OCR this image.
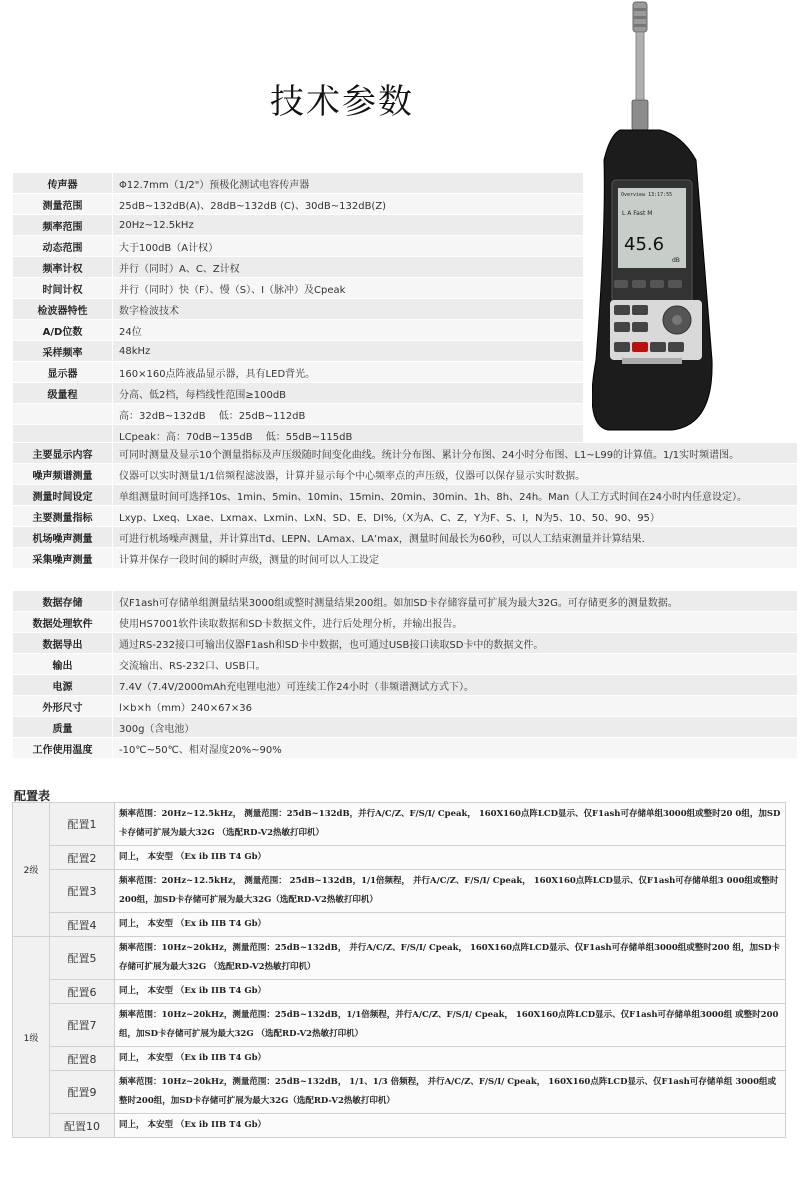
技术参数
Overview 13:17:55
L A Fast M
45.6
dB
传声器	Φ12.7mm（1/2"）预极化测试电容传声器
测量范围	25dB~132dB(A)、28dB~132dB (C)、30dB~132dB(Z)
频率范围	20Hz~12.5kHz
动态范围	大于100dB（A计权）
频率计权	并行（同时）A、C、Z计权
时间计权	并行（同时）快（F）、慢（S）、I（脉冲）及Cpeak
检波器特性	数字检波技术
A/D位数	24位
采样频率	48kHz
显示器	160×160点阵液晶显示器，具有LED背光。
级量程	分高、低2档，每档线性范围≥100dB
	高：32dB~132dB　 低：25dB~112dB
	LCpeak：高：70dB~135dB　 低：55dB~115dB
主要显示内容	可同时测量及显示10个测量指标及声压级随时间变化曲线。统计分布图、累计分布图、24小时分布图、L1~L99的计算值。1/1实时频谱图。
噪声频谱测量	仪器可以实时测量1/1倍频程滤波器，计算并显示每个中心频率点的声压级，仪器可以保存显示实时数据。
测量时间设定	单组测量时间可选择10s、1min、5min、10min、15min、20min、30min、1h、8h、24h。Man（人工方式时间在24小时内任意设定）。
主要测量指标	Lxyp、Lxeq、Lxae、Lxmax、Lxmin、LxN、SD、E、DI%,（X为A、C、Z，Y为F、S、I，N为5、10、50、90、95）
机场噪声测量	可进行机场噪声测量，并计算出Td、LEPN、LAmax、LA’max，测量时间最长为60秒，可以人工结束测量并计算结果.
采集噪声测量	计算并保存一段时间的瞬时声级，测量的时间可以人工设定
数据存储	仅F1ash可存储单组测量结果3000组或整时测量结果200组。如加SD卡存储容量可扩展为最大32G。可存储更多的测量数据。
数据处理软件	使用HS7001软件读取数据和SD卡数据文件，进行后处理分析，并输出报告。
数据导出	通过RS-232接口可输出仪器F1ash和SD卡中数据，也可通过USB接口读取SD卡中的数据文件。
输出	交流输出、RS-232口、USB口。
电源	7.4V（7.4V/2000mAh充电锂电池）可连续工作24小时（非频谱测试方式下）。
外形尺寸	l×b×h（mm）240×67×36
质量	300g（含电池）
工作使用温度	-10℃~50℃、相对湿度20%~90%
配置表
2级	配置1	频率范围：20Hz~12.5kHz， 测量范围：25dB~132dB，并行A/C/Z、F/S/I/ Cpeak， 160X160点阵LCD显示、仅F1ash可存储单组3000组或整时20 0组，加SD卡存储可扩展为最大32G （选配RD-V2热敏打印机）
	配置2	同上， 本安型 （Ex ib IIB T4 Gb）
	配置3	频率范围：20Hz~12.5kHz， 测量范围： 25dB~132dB，1/1倍频程， 并行A/C/Z、F/S/I/ Cpeak， 160X160点阵LCD显示、仅F1ash可存储单组3 000组或整时200组，加SD卡存储可扩展为最大32G（选配RD-V2热敏打印机）
	配置4	同上， 本安型 （Ex ib IIB T4 Gb）
1级	配置5	频率范围：10Hz~20kHz，测量范围：25dB~132dB， 并行A/C/Z、F/S/I/ Cpeak， 160X160点阵LCD显示、仅F1ash可存储单组3000组或整时200 组，加SD卡存储可扩展为最大32G （选配RD-V2热敏打印机）
	配置6	同上， 本安型 （Ex ib IIB T4 Gb）
	配置7	频率范围：10Hz~20kHz，测量范围：25dB~132dB，1/1倍频程，并行A/C/Z、F/S/I/ Cpeak， 160X160点阵LCD显示、仅F1ash可存储单组3000组 或整时200组，加SD卡存储可扩展为最大32G （选配RD-V2热敏打印机）
	配置8	同上， 本安型 （Ex ib IIB T4 Gb）
	配置9	频率范围：10Hz~20kHz，测量范围：25dB~132dB， 1/1、1/3 倍频程， 并行A/C/Z、F/S/I/ Cpeak， 160X160点阵LCD显示、仅F1ash可存储单组 3000组或整时200组，加SD卡存储可扩展为最大32G（选配RD-V2热敏打印机）
	配置10	同上， 本安型 （Ex ib IIB T4 Gb）
